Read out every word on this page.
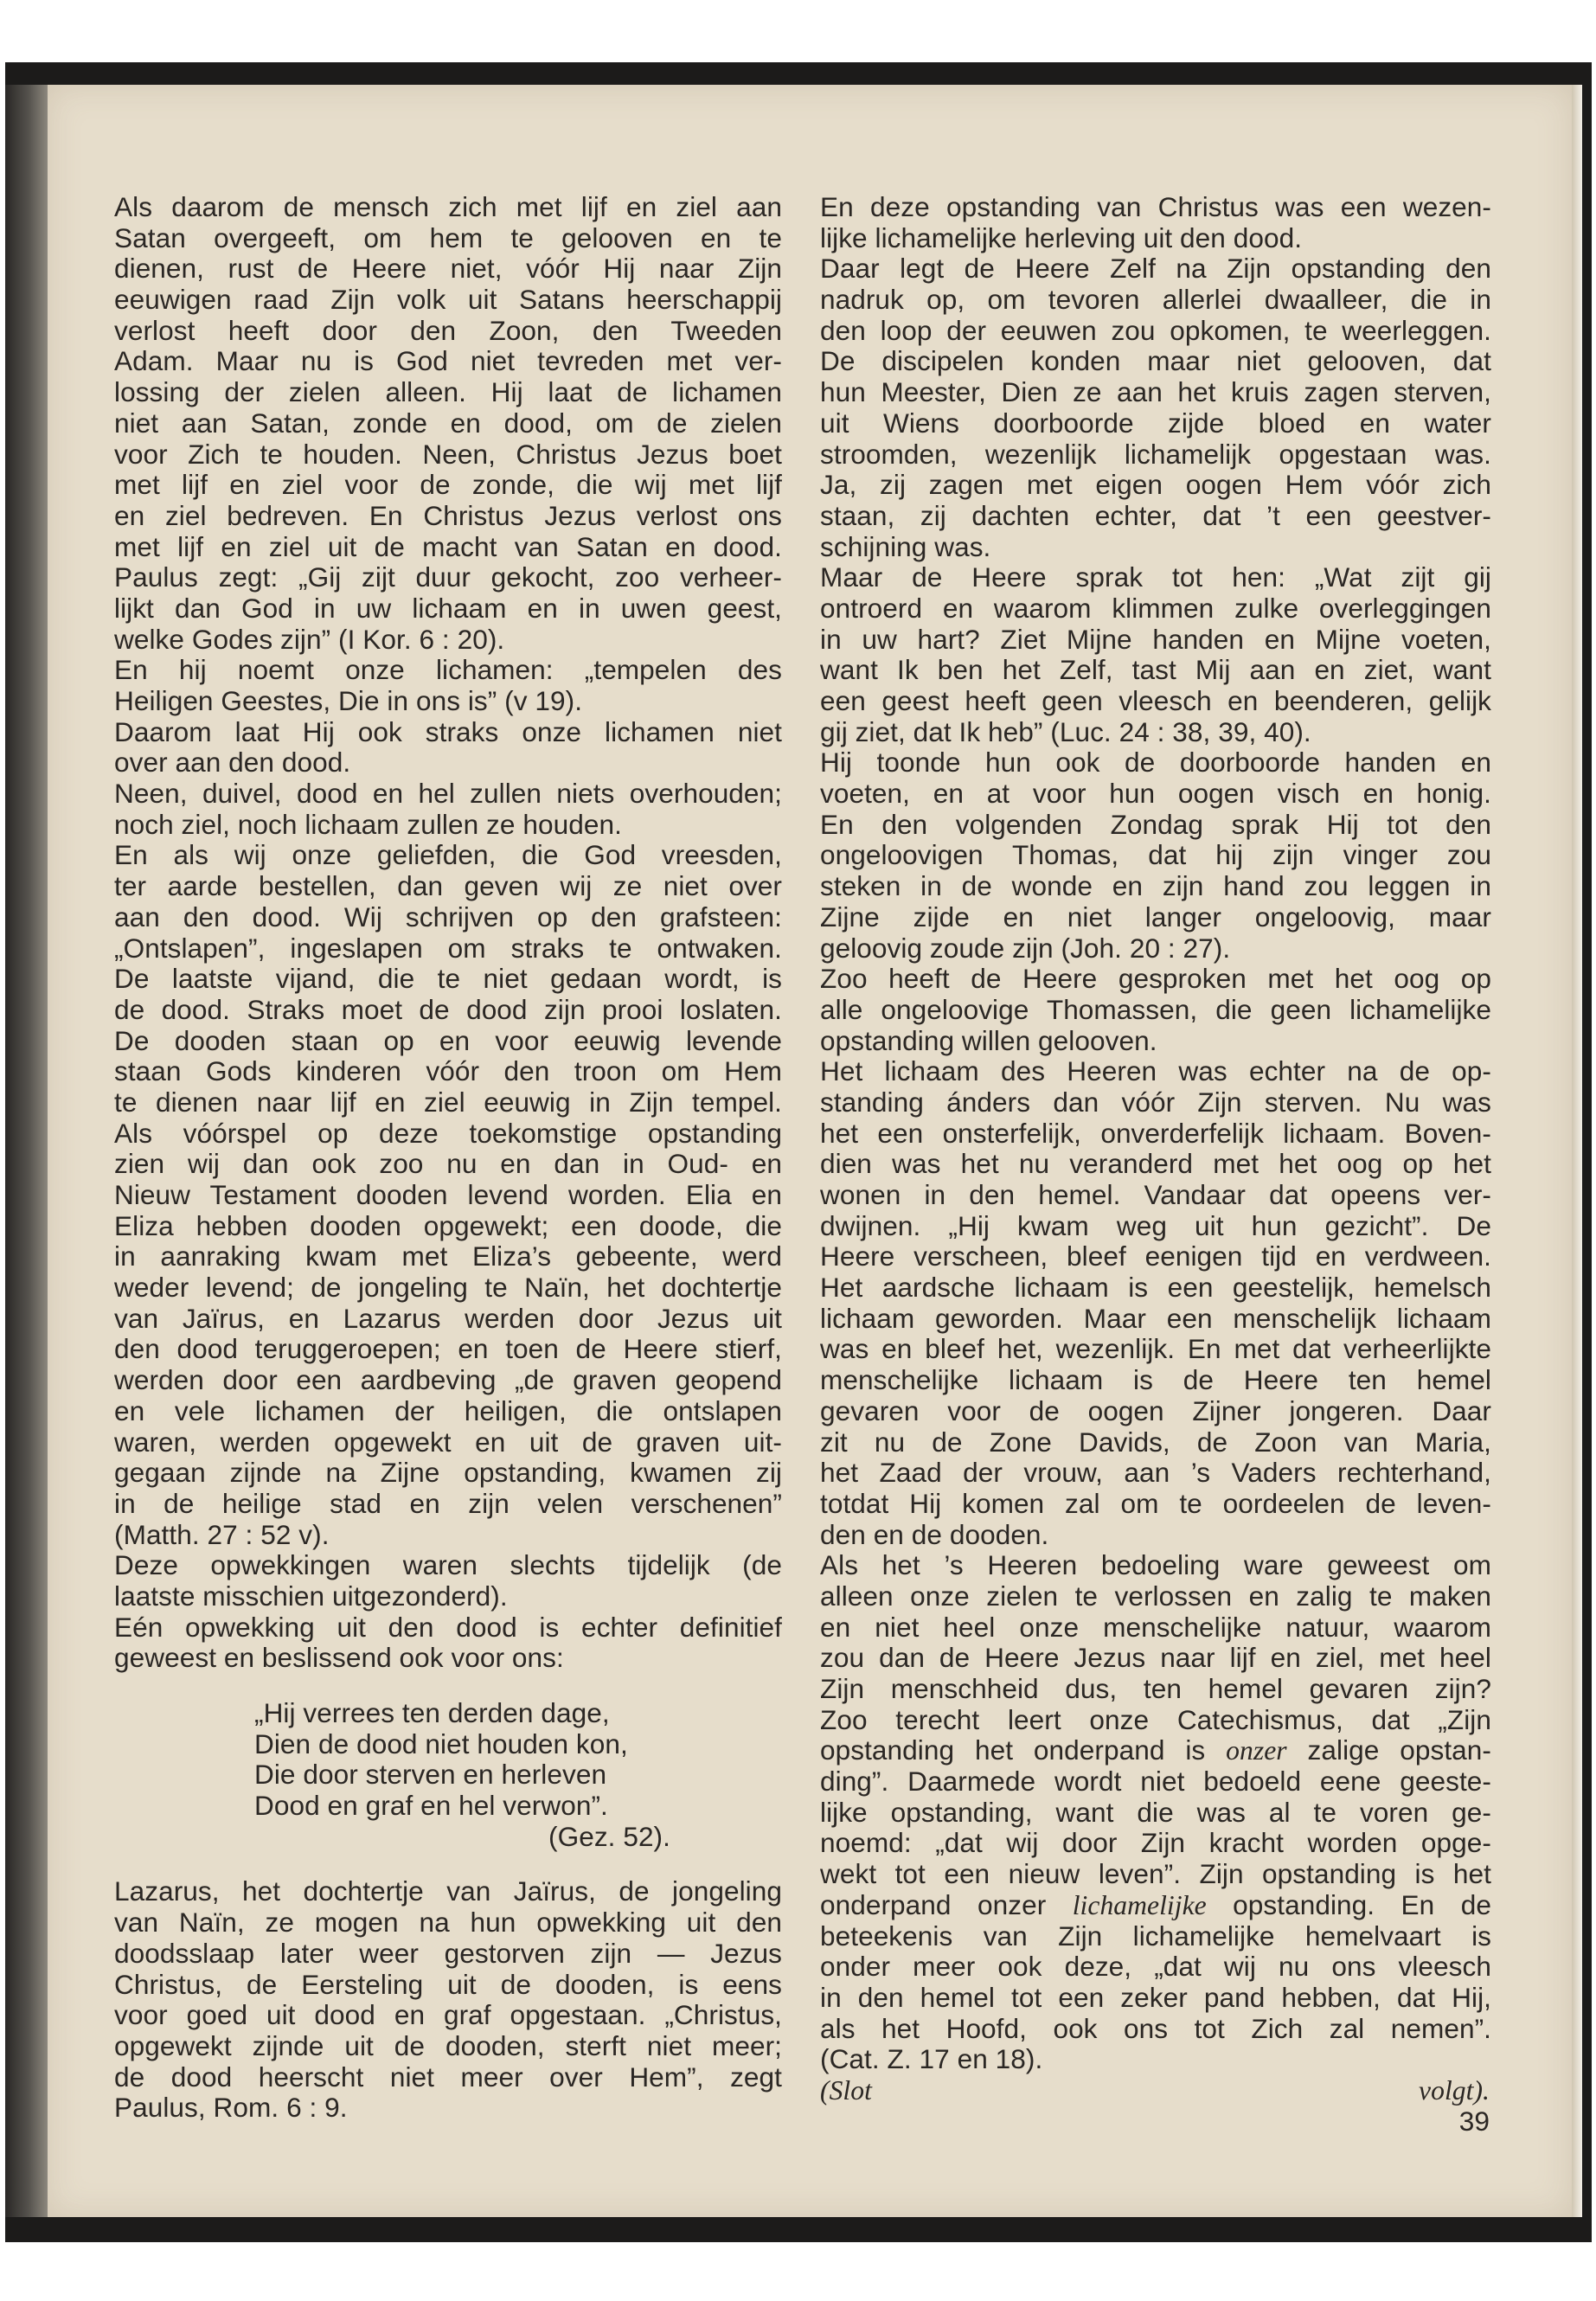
Als daarom de mensch zich met lijf en ziel aan
Satan overgeeft, om hem te gelooven en te
dienen, rust de Heere niet, vóór Hij naar Zijn
eeuwigen raad Zijn volk uit Satans heerschappij
verlost heeft door den Zoon, den Tweeden
Adam. Maar nu is God niet tevreden met ver-
lossing der zielen alleen. Hij laat de lichamen
niet aan Satan, zonde en dood, om de zielen
voor Zich te houden. Neen, Christus Jezus boet
met lijf en ziel voor de zonde, die wij met lijf
en ziel bedreven. En Christus Jezus verlost ons
met lijf en ziel uit de macht van Satan en dood.
Paulus zegt: „Gij zijt duur gekocht, zoo verheer-
lijkt dan God in uw lichaam en in uwen geest,
welke Godes zijn” (I Kor. 6 : 20).
En hij noemt onze lichamen: „tempelen des
Heiligen Geestes, Die in ons is” (v 19).
Daarom laat Hij ook straks onze lichamen niet
over aan den dood.
Neen, duivel, dood en hel zullen niets overhouden;
noch ziel, noch lichaam zullen ze houden.
En als wij onze geliefden, die God vreesden,
ter aarde bestellen, dan geven wij ze niet over
aan den dood. Wij schrijven op den grafsteen:
„Ontslapen”, ingeslapen om straks te ontwaken.
De laatste vijand, die te niet gedaan wordt, is
de dood. Straks moet de dood zijn prooi loslaten.
De dooden staan op en voor eeuwig levende
staan Gods kinderen vóór den troon om Hem
te dienen naar lijf en ziel eeuwig in Zijn tempel.
Als vóórspel op deze toekomstige opstanding
zien wij dan ook zoo nu en dan in Oud- en
Nieuw Testament dooden levend worden. Elia en
Eliza hebben dooden opgewekt; een doode, die
in aanraking kwam met Eliza’s gebeente, werd
weder levend; de jongeling te Naïn, het dochtertje
van Jaïrus, en Lazarus werden door Jezus uit
den dood teruggeroepen; en toen de Heere stierf,
werden door een aardbeving „de graven geopend
en vele lichamen der heiligen, die ontslapen
waren, werden opgewekt en uit de graven uit-
gegaan zijnde na Zijne opstanding, kwamen zij
in de heilige stad en zijn velen verschenen”
(Matth. 27 : 52 v).
Deze opwekkingen waren slechts tijdelijk (de
laatste misschien uitgezonderd).
Eén opwekking uit den dood is echter definitief
geweest en beslissend ook voor ons:
„Hij verrees ten derden dage,
Dien de dood niet houden kon,
Die door sterven en herleven
Dood en graf en hel verwon”.
(Gez. 52).
Lazarus, het dochtertje van Jaïrus, de jongeling
van Naïn, ze mogen na hun opwekking uit den
doodsslaap later weer gestorven zijn — Jezus
Christus, de Eersteling uit de dooden, is eens
voor goed uit dood en graf opgestaan. „Christus,
opgewekt zijnde uit de dooden, sterft niet meer;
de dood heerscht niet meer over Hem”, zegt
Paulus, Rom. 6 : 9.
En deze opstanding van Christus was een wezen-
lijke lichamelijke herleving uit den dood.
Daar legt de Heere Zelf na Zijn opstanding den
nadruk op, om tevoren allerlei dwaalleer, die in
den loop der eeuwen zou opkomen, te weerleggen.
De discipelen konden maar niet gelooven, dat
hun Meester, Dien ze aan het kruis zagen sterven,
uit Wiens doorboorde zijde bloed en water
stroomden, wezenlijk lichamelijk opgestaan was.
Ja, zij zagen met eigen oogen Hem vóór zich
staan, zij dachten echter, dat ’t een geestver-
schijning was.
Maar de Heere sprak tot hen: „Wat zijt gij
ontroerd en waarom klimmen zulke overleggingen
in uw hart? Ziet Mijne handen en Mijne voeten,
want Ik ben het Zelf, tast Mij aan en ziet, want
een geest heeft geen vleesch en beenderen, gelijk
gij ziet, dat Ik heb” (Luc. 24 : 38, 39, 40).
Hij toonde hun ook de doorboorde handen en
voeten, en at voor hun oogen visch en honig.
En den volgenden Zondag sprak Hij tot den
ongeloovigen Thomas, dat hij zijn vinger zou
steken in de wonde en zijn hand zou leggen in
Zijne zijde en niet langer ongeloovig, maar
geloovig zoude zijn (Joh. 20 : 27).
Zoo heeft de Heere gesproken met het oog op
alle ongeloovige Thomassen, die geen lichamelijke
opstanding willen gelooven.
Het lichaam des Heeren was echter na de op-
standing ánders dan vóór Zijn sterven. Nu was
het een onsterfelijk, onverderfelijk lichaam. Boven-
dien was het nu veranderd met het oog op het
wonen in den hemel. Vandaar dat opeens ver-
dwijnen. „Hij kwam weg uit hun gezicht”. De
Heere verscheen, bleef eenigen tijd en verdween.
Het aardsche lichaam is een geestelijk, hemelsch
lichaam geworden. Maar een menschelijk lichaam
was en bleef het, wezenlijk. En met dat verheerlijkte
menschelijke lichaam is de Heere ten hemel
gevaren voor de oogen Zijner jongeren. Daar
zit nu de Zone Davids, de Zoon van Maria,
het Zaad der vrouw, aan ’s Vaders rechterhand,
totdat Hij komen zal om te oordeelen de leven-
den en de dooden.
Als het ’s Heeren bedoeling ware geweest om
alleen onze zielen te verlossen en zalig te maken
en niet heel onze menschelijke natuur, waarom
zou dan de Heere Jezus naar lijf en ziel, met heel
Zijn menschheid dus, ten hemel gevaren zijn?
Zoo terecht leert onze Catechismus, dat „Zijn
opstanding het onderpand is onzer zalige opstan-
ding”. Daarmede wordt niet bedoeld eene geeste-
lijke opstanding, want die was al te voren ge-
noemd: „dat wij door Zijn kracht worden opge-
wekt tot een nieuw leven”. Zijn opstanding is het
onderpand onzer lichamelijke opstanding. En de
beteekenis van Zijn lichamelijke hemelvaart is
onder meer ook deze, „dat wij nu ons vleesch
in den hemel tot een zeker pand hebben, dat Hij,
als het Hoofd, ook ons tot Zich zal nemen”.
(Cat. Z. 17 en 18).
(Slot volgt).
39
